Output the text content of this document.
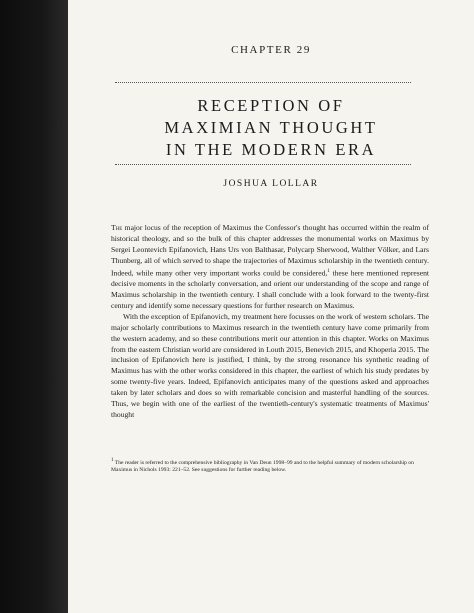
CHAPTER 29
RECEPTION OF
MAXIMIAN THOUGHT
IN THE MODERN ERA
JOSHUA LOLLAR

The major locus of the reception of Maximus the Confessor's thought has occurred within the realm of historical theology, and so the bulk of this chapter addresses the monumental works on Maximus by Sergei Leontevich Epifanovich, Hans Urs von Balthasar, Polycarp Sherwood, Walther Völker, and Lars Thunberg, all of which served to shape the trajectories of Maximus scholarship in the twentieth century. Indeed, while many other very important works could be considered,$^1$ these here mentioned represent decisive moments in the scholarly conversation, and orient our understanding of the scope and range of Maximus scholarship in the twentieth century. I shall conclude with a look forward to the twenty-first century and identify some necessary questions for further research on Maximus.

With the exception of Epifanovich, my treatment here focusses on the work of western scholars. The major scholarly contributions to Maximus research in the twentieth century have come primarily from the western academy, and so these contributions merit our attention in this chapter. Works on Maximus from the eastern Christian world are considered in Louth 2015, Benevich 2015, and Khoperia 2015. The inclusion of Epifanovich here is justified, I think, by the strong resonance his synthetic reading of Maximus has with the other works considered in this chapter, the earliest of which his study predates by some twenty-five years. Indeed, Epifanovich anticipates many of the questions asked and approaches taken by later scholars and does so with remarkable concision and masterful handling of the sources. Thus, we begin with one of the earliest of the twentieth-century's systematic treatments of Maximus' thought

$^1$ The reader is referred to the comprehensive bibliography in Van Deun 1998–99 and to the helpful summary of modern scholarship on Maximus in Nichols 1993: 221–52. See suggestions for further reading below.
